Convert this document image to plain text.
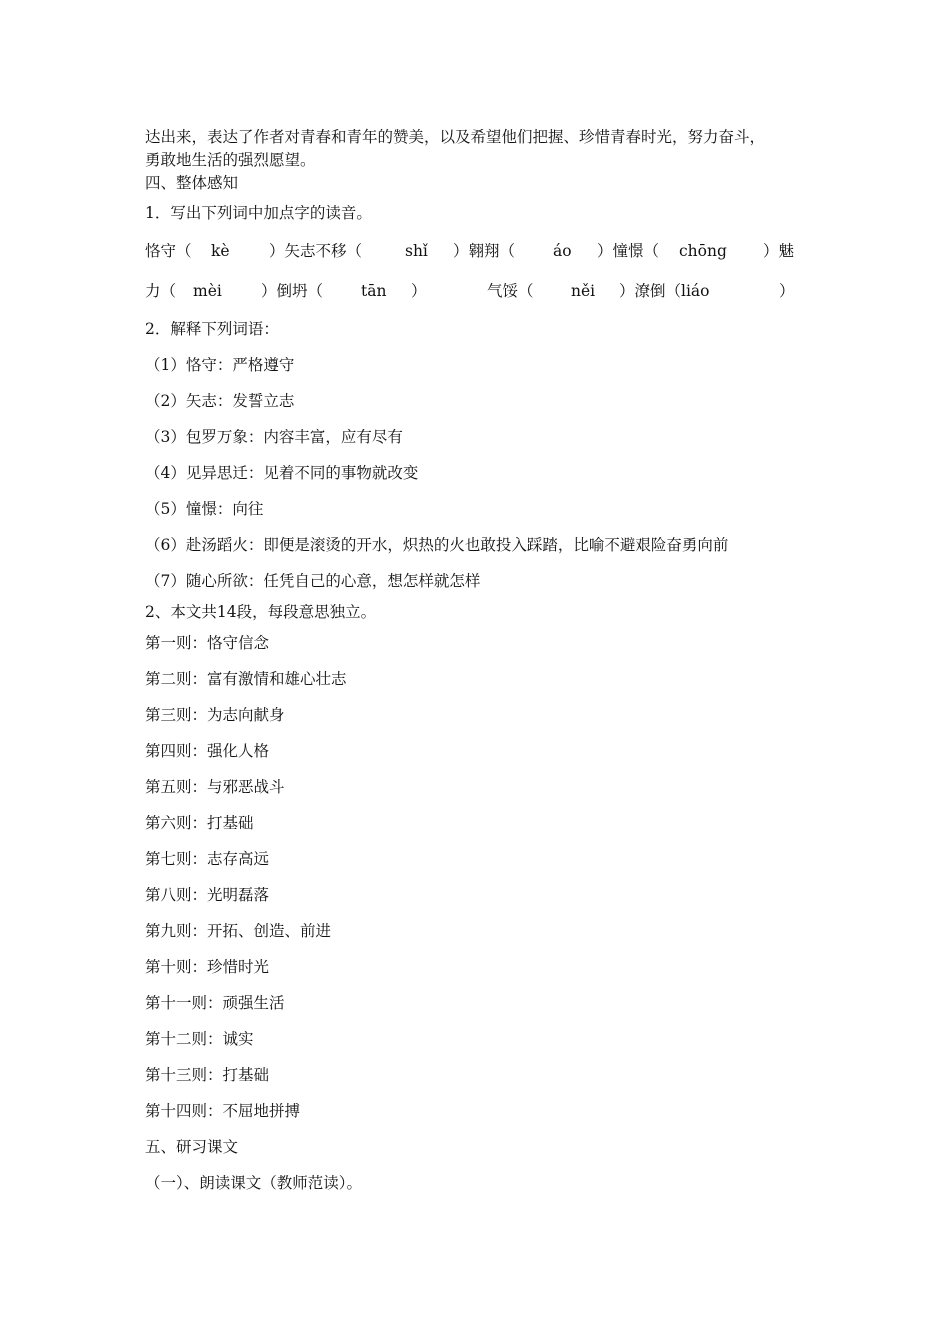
达出来，表达了作者对青春和青年的赞美，以及希望他们把握、珍惜青春时光，努力奋斗，
勇敢地生活的强烈愿望。
四、整体感知
1．写出下列词中加点字的读音。
恪守（ kè	）矢志不移（	shǐ ）翱翔（ áo ）憧憬（ chōng ）魅
力（ mèi	）倒坍（ tān ）	气馁（ něi ）潦倒（liáo	）
2．解释下列词语：
（1）恪守：严格遵守
（2）矢志：发誓立志
（3）包罗万象：内容丰富，应有尽有
（4）见异思迁：见着不同的事物就改变
（5）憧憬：向往
（6）赴汤蹈火：即便是滚烫的开水，炽热的火也敢投入踩踏，比喻不避艰险奋勇向前
（7）随心所欲：任凭自己的心意，想怎样就怎样
2、本文共14段，每段意思独立。
第一则：恪守信念
第二则：富有激情和雄心壮志
第三则：为志向献身
第四则：强化人格
第五则：与邪恶战斗
第六则：打基础
第七则：志存高远
第八则：光明磊落
第九则：开拓、创造、前进
第十则：珍惜时光
第十一则：顽强生活
第十二则：诚实
第十三则：打基础
第十四则：不屈地拼搏
五、研习课文
（一）、朗读课文（教师范读）。
